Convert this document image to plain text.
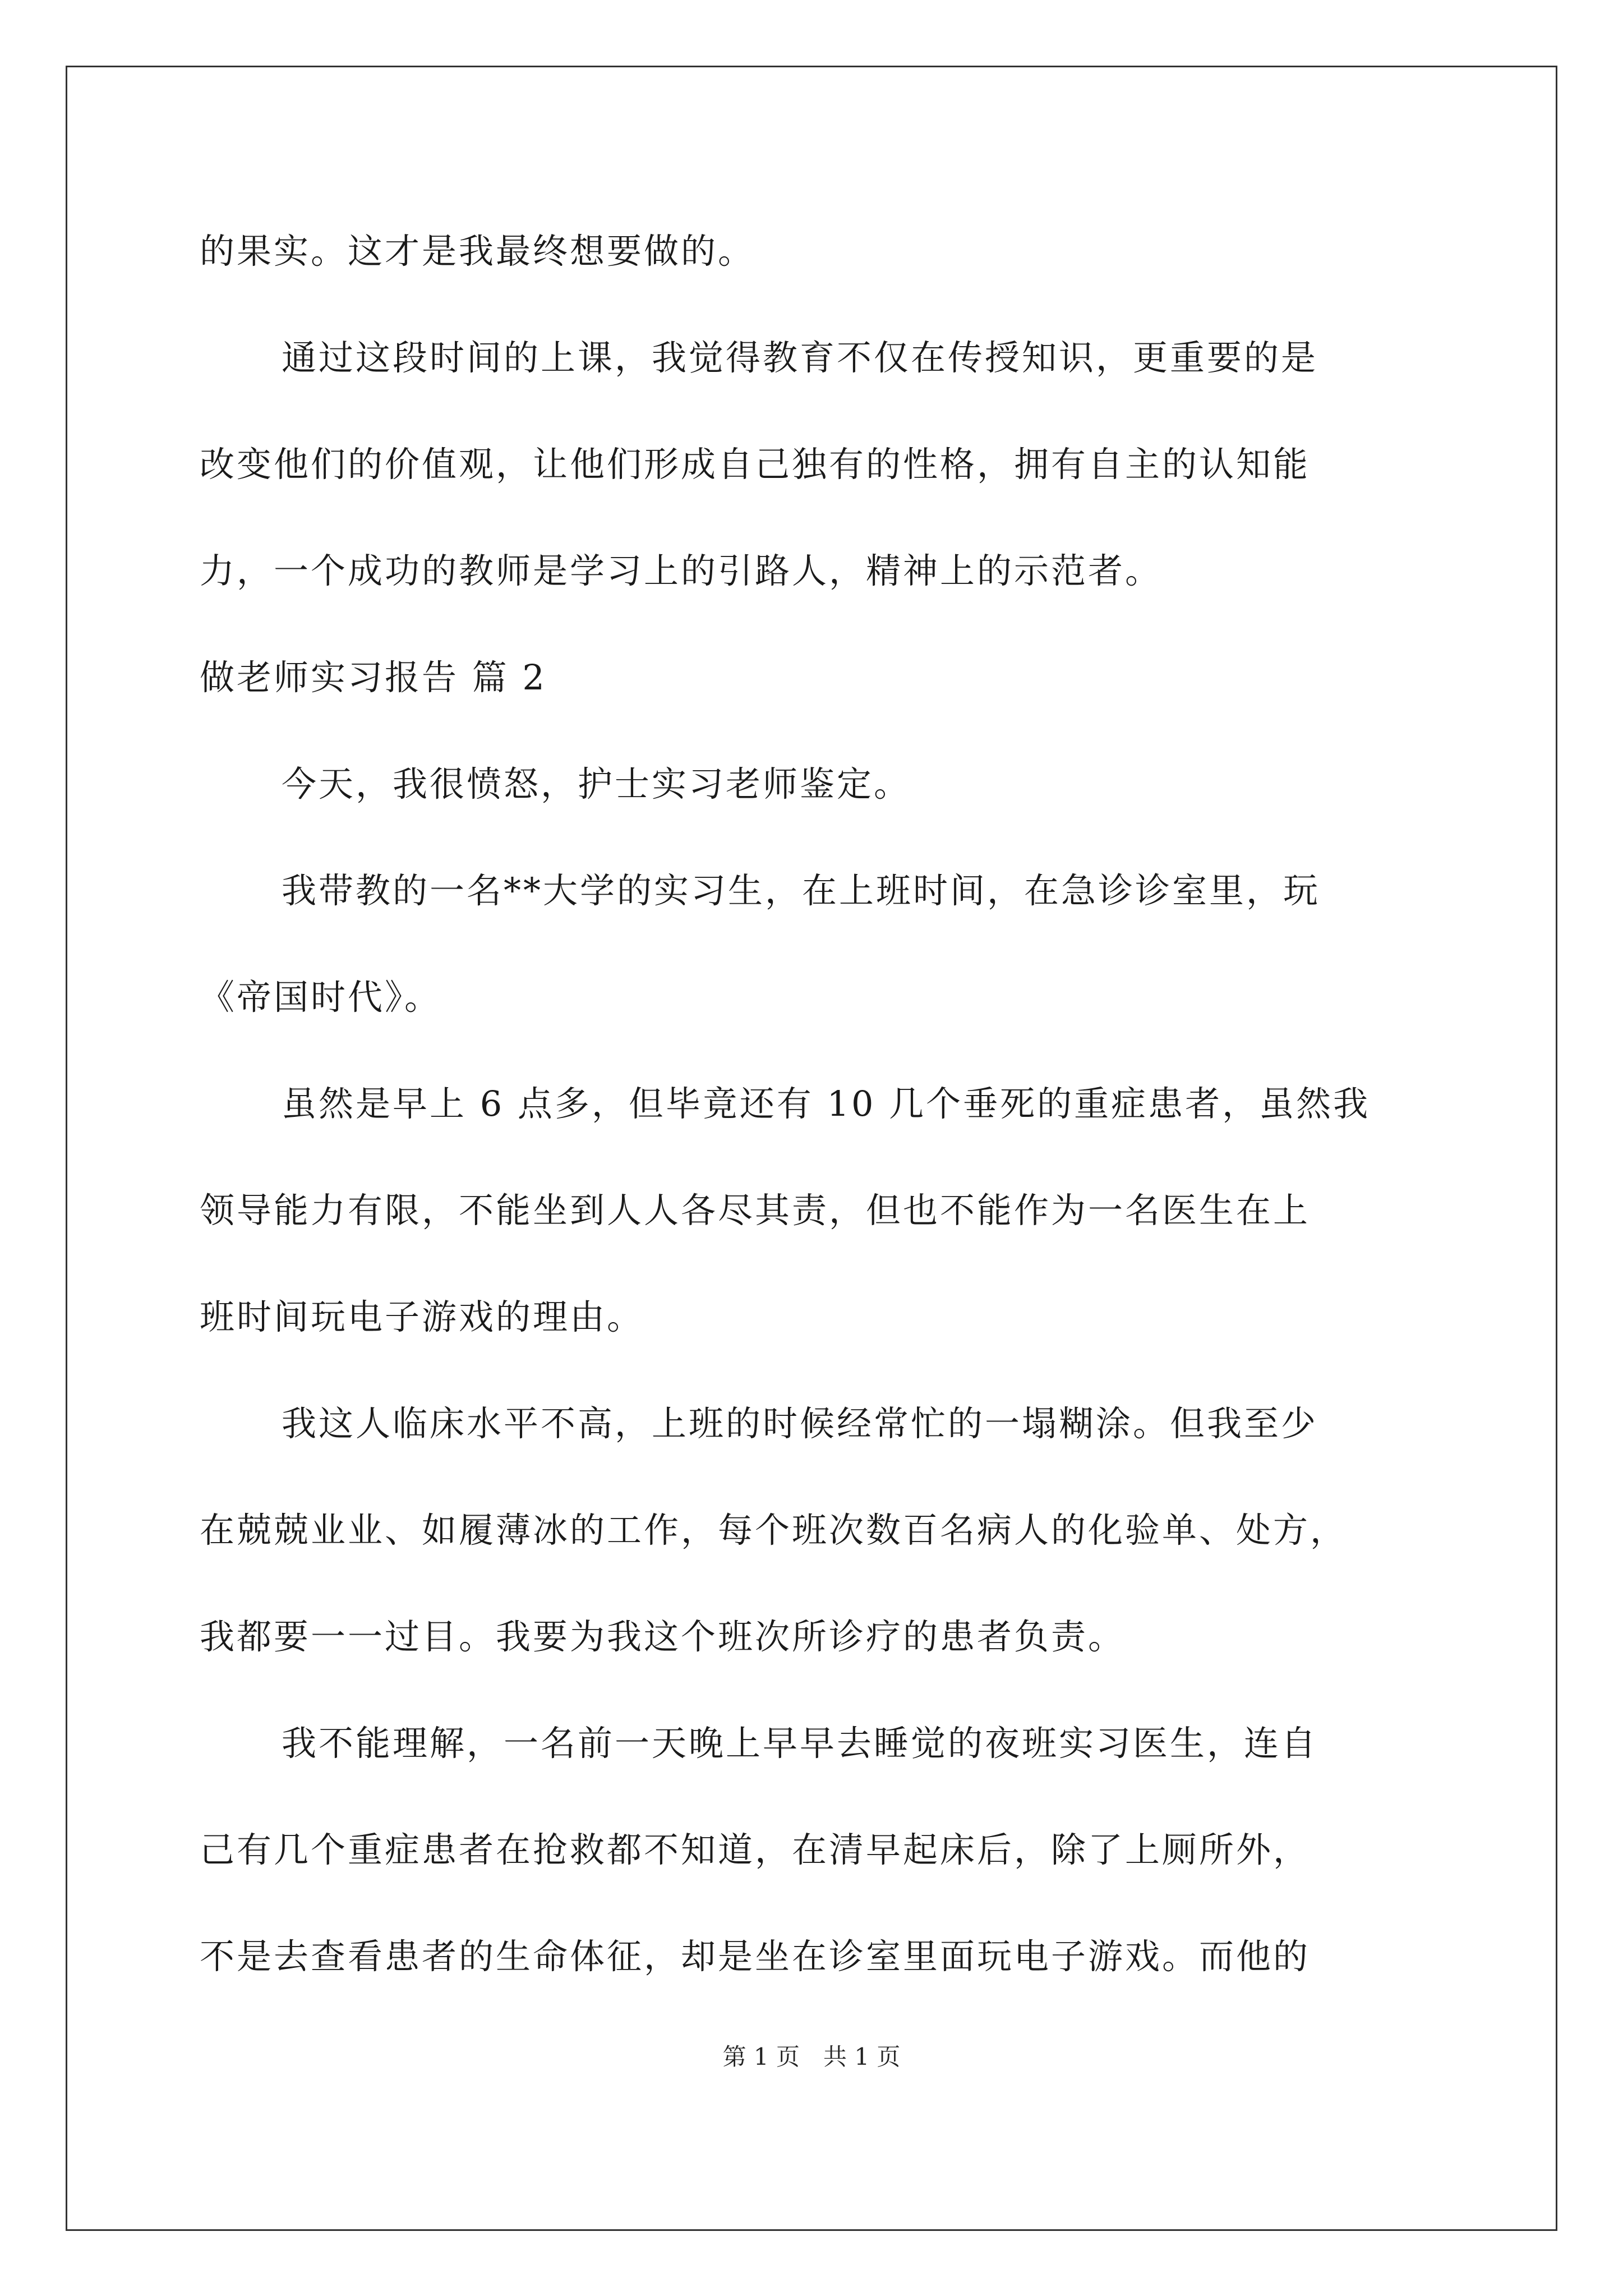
的果实。这才是我最终想要做的。

通过这段时间的上课，我觉得教育不仅在传授知识，更重要的是

改变他们的价值观，让他们形成自己独有的性格，拥有自主的认知能

力，一个成功的教师是学习上的引路人，精神上的示范者。

做老师实习报告 篇 2

今天，我很愤怒，护士实习老师鉴定。

我带教的一名**大学的实习生，在上班时间，在急诊诊室里，玩

《帝国时代》。

虽然是早上 6 点多，但毕竟还有 10 几个垂死的重症患者，虽然我

领导能力有限，不能坐到人人各尽其责，但也不能作为一名医生在上

班时间玩电子游戏的理由。

我这人临床水平不高，上班的时候经常忙的一塌糊涂。但我至少

在兢兢业业、如履薄冰的工作，每个班次数百名病人的化验单、处方，

我都要一一过目。我要为我这个班次所诊疗的患者负责。

我不能理解，一名前一天晚上早早去睡觉的夜班实习医生，连自

己有几个重症患者在抢救都不知道，在清早起床后，除了上厕所外，

不是去查看患者的生命体征，却是坐在诊室里面玩电子游戏。而他的

第 1 页　共 1 页
